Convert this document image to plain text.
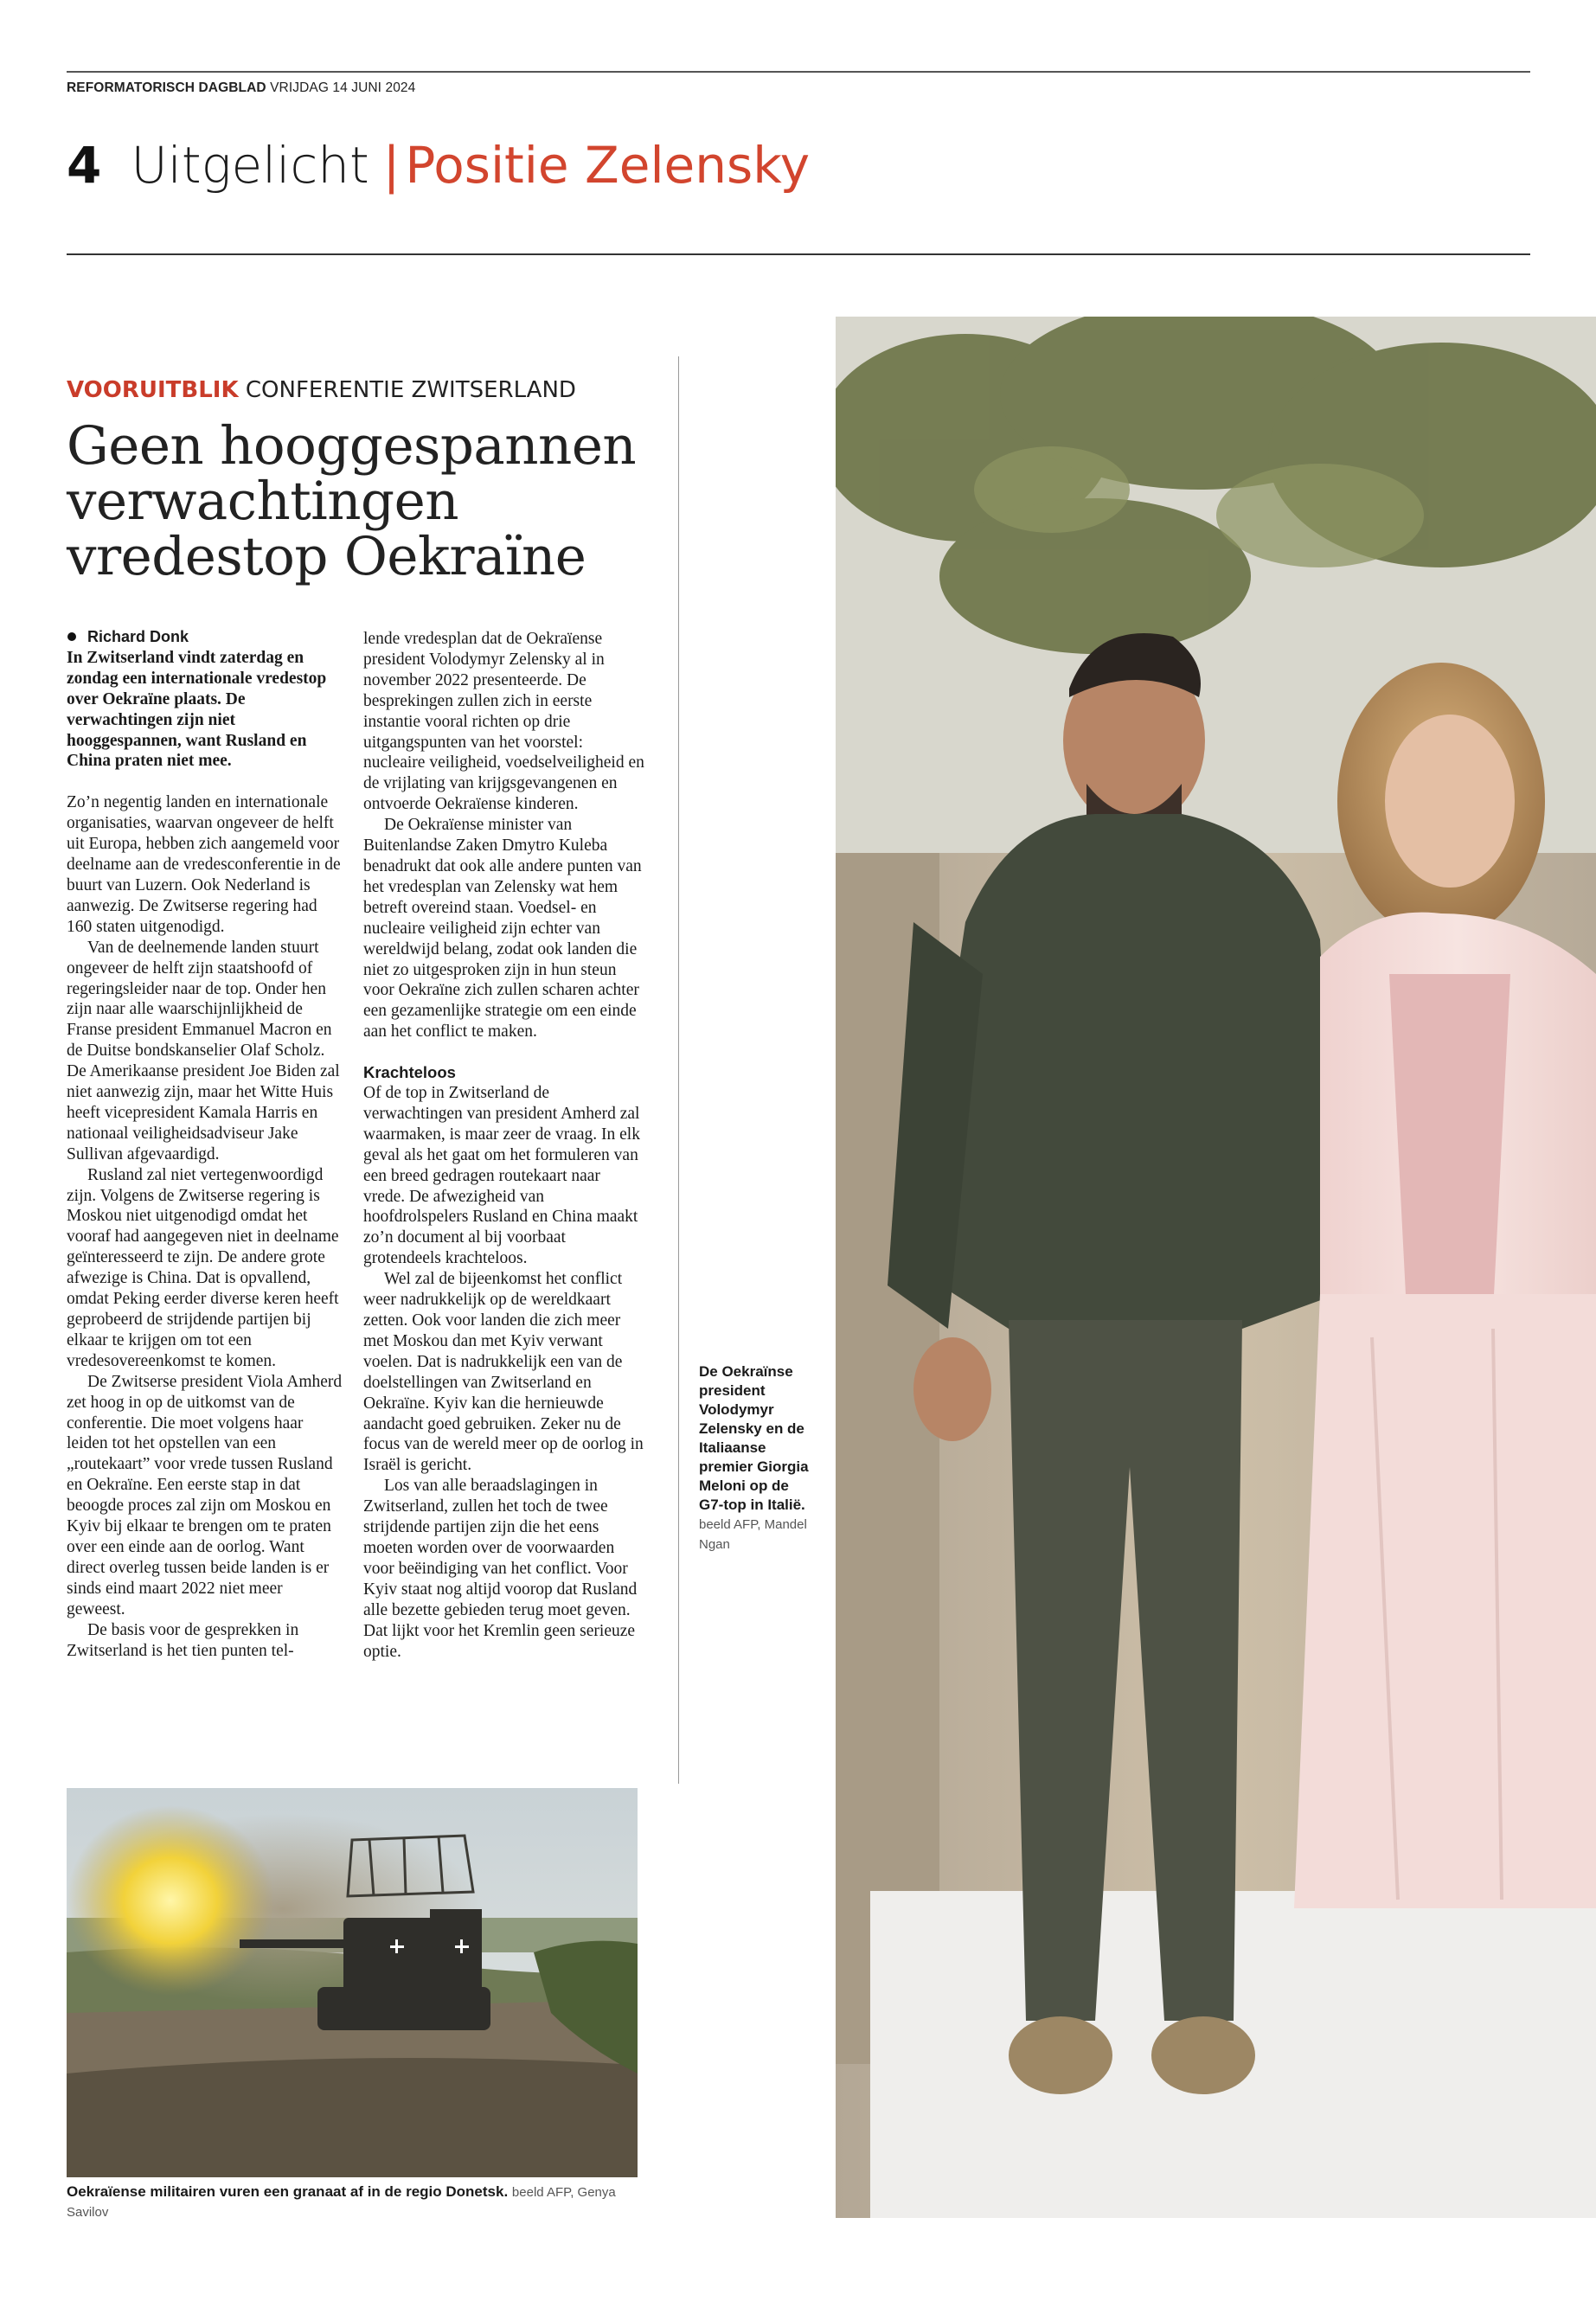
REFORMATORISCH DAGBLAD VRIJDAG 14 JUNI 2024
4 Uitgelicht | Positie Zelensky
VOORUITBLIK CONFERENTIE ZWITSERLAND
Geen hooggespannen
verwachtingen
vredestop Oekraïne

Richard Donk

In Zwitserland vindt zaterdag en zondag een internationale vredestop over Oekraïne plaats. De verwachtingen zijn niet hooggespannen, want Rusland en China praten niet mee.

Zo’n negentig landen en internationale organisaties, waarvan ongeveer de helft uit Europa, hebben zich aangemeld voor deelname aan de vredesconferentie in de buurt van Luzern. Ook Nederland is aanwezig. De Zwitserse regering had 160 staten uitgenodigd.

Van de deelnemende landen stuurt ongeveer de helft zijn staatshoofd of regeringsleider naar de top. Onder hen zijn naar alle waarschijnlijkheid de Franse president Emmanuel Macron en de Duitse bondskanselier Olaf Scholz. De Amerikaanse president Joe Biden zal niet aanwezig zijn, maar het Witte Huis heeft vicepresident Kamala Harris en nationaal veiligheidsadviseur Jake Sullivan afgevaardigd.

Rusland zal niet vertegenwoordigd zijn. Volgens de Zwitserse regering is Moskou niet uitgenodigd omdat het vooraf had aangegeven niet in deelname geïnteresseerd te zijn. De andere grote afwezige is China. Dat is opvallend, omdat Peking eerder diverse keren heeft geprobeerd de strijdende partijen bij elkaar te krijgen om tot een vredesovereenkomst te komen.

De Zwitserse president Viola Amherd zet hoog in op de uitkomst van de conferentie. Die moet volgens haar leiden tot het opstellen van een „routekaart” voor vrede tussen Rusland en Oekraïne. Een eerste stap in dat beoogde proces zal zijn om Moskou en Kyiv bij elkaar te brengen om te praten over een einde aan de oorlog. Want direct overleg tussen beide landen is er sinds eind maart 2022 niet meer geweest.

De basis voor de gesprekken in Zwitserland is het tien punten tel-

lende vredesplan dat de Oekraïense president Volodymyr Zelensky al in november 2022 presenteerde. De besprekingen zullen zich in eerste instantie vooral richten op drie uitgangspunten van het voorstel: nucleaire veiligheid, voedselveiligheid en de vrijlating van krijgsgevangenen en ontvoerde Oekraïense kinderen.

De Oekraïense minister van Buitenlandse Zaken Dmytro Kuleba benadrukt dat ook alle andere punten van het vredesplan van Zelensky wat hem betreft overeind staan. Voedsel- en nucleaire veiligheid zijn echter van wereldwijd belang, zodat ook landen die niet zo uitgesproken zijn in hun steun voor Oekraïne zich zullen scharen achter een gezamenlijke strategie om een einde aan het conflict te maken.

Krachteloos

Of de top in Zwitserland de verwachtingen van president Amherd zal waarmaken, is maar zeer de vraag. In elk geval als het gaat om het formuleren van een breed gedragen routekaart naar vrede. De afwezigheid van hoofdrolspelers Rusland en China maakt zo’n document al bij voorbaat grotendeels krachteloos.

Wel zal de bijeenkomst het conflict weer nadrukkelijk op de wereldkaart zetten. Ook voor landen die zich meer met Moskou dan met Kyiv verwant voelen. Dat is nadrukkelijk een van de doelstellingen van Zwitserland en Oekraïne. Kyiv kan die hernieuwde aandacht goed gebruiken. Zeker nu de focus van de wereld meer op de oorlog in Israël is gericht.

Los van alle beraadslagingen in Zwitserland, zullen het toch de twee strijdende partijen zijn die het eens moeten worden over de voorwaarden voor beëindiging van het conflict. Voor Kyiv staat nog altijd voorop dat Rusland alle bezette gebieden terug moet geven. Dat lijkt voor het Kremlin geen serieuze optie.

Oekraïense militairen vuren een granaat af in de regio Donetsk. beeld AFP, Genya Savilov
De Oekraïnse president Volodymyr Zelensky en de Italiaanse premier Giorgia Meloni op de G7-top in Italië. beeld AFP, Mandel Ngan
